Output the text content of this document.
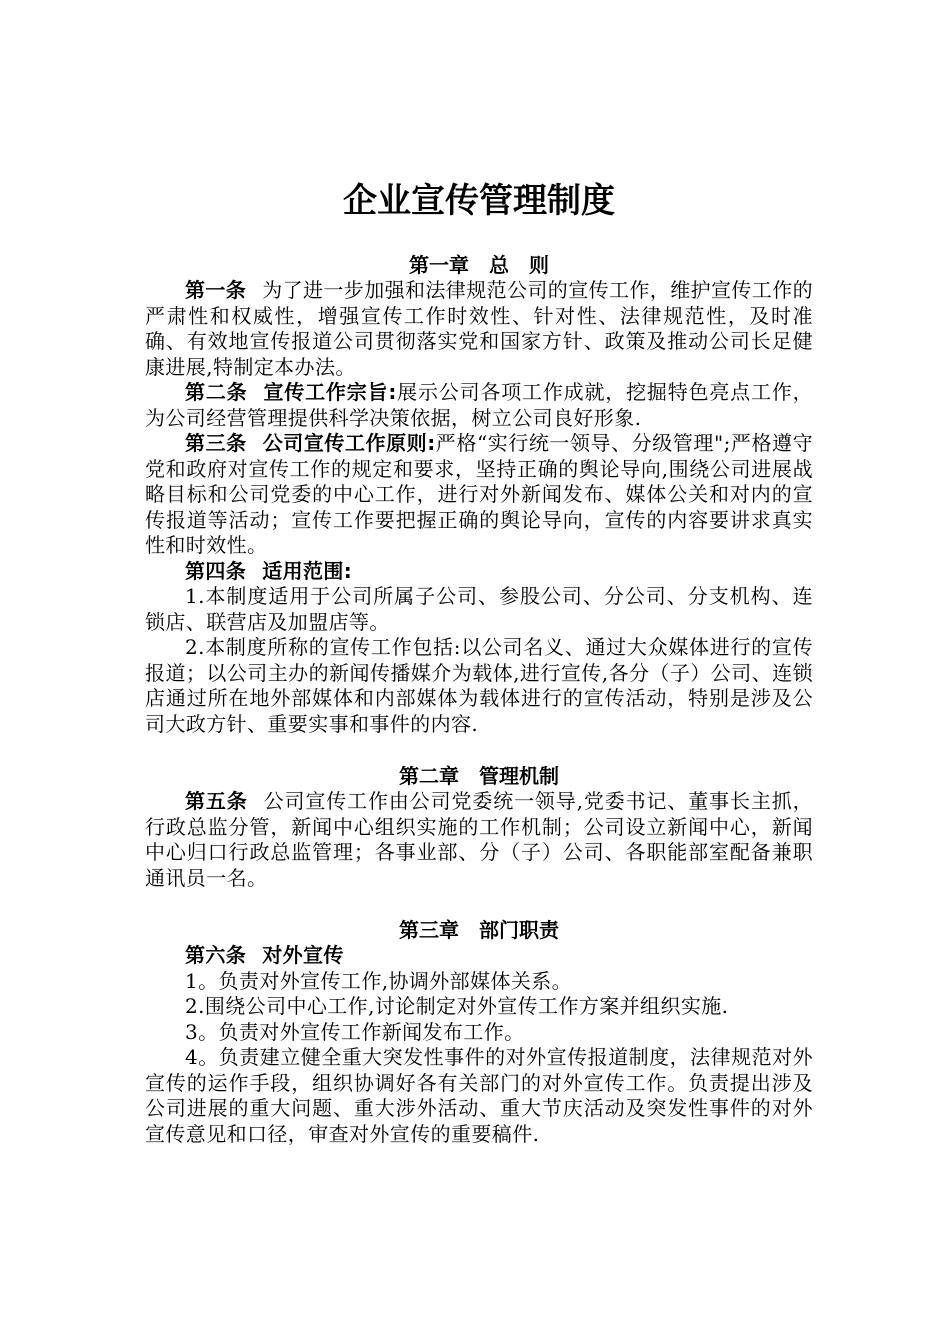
企业宣传管理制度
第一章　总　则

第一条 为了进一步加强和法律规范公司的宣传工作，维护宣传工作的严肃性和权威性，增强宣传工作时效性、针对性、法律规范性，及时准确、有效地宣传报道公司贯彻落实党和国家方针、政策及推动公司长足健康进展,特制定本办法。

第二条 宣传工作宗旨:展示公司各项工作成就，挖掘特色亮点工作，为公司经营管理提供科学决策依据，树立公司良好形象.

第三条 公司宣传工作原则:严格“实行统一领导、分级管理";严格遵守党和政府对宣传工作的规定和要求，坚持正确的舆论导向,围绕公司进展战略目标和公司党委的中心工作，进行对外新闻发布、媒体公关和对内的宣传报道等活动；宣传工作要把握正确的舆论导向，宣传的内容要讲求真实性和时效性。

第四条 适用范围:

1.本制度适用于公司所属子公司、参股公司、分公司、分支机构、连锁店、联营店及加盟店等。

2.本制度所称的宣传工作包括:以公司名义、通过大众媒体进行的宣传报道；以公司主办的新闻传播媒介为载体,进行宣传,各分（子）公司、连锁店通过所在地外部媒体和内部媒体为载体进行的宣传活动，特别是涉及公司大政方针、重要实事和事件的内容.

第二章　管理机制

第五条 公司宣传工作由公司党委统一领导,党委书记、董事长主抓，行政总监分管，新闻中心组织实施的工作机制；公司设立新闻中心，新闻中心归口行政总监管理；各事业部、分（子）公司、各职能部室配备兼职通讯员一名。

第三章　部门职责

第六条 对外宣传

1。负责对外宣传工作,协调外部媒体关系。

2.围绕公司中心工作,讨论制定对外宣传工作方案并组织实施.

3。负责对外宣传工作新闻发布工作。

4。负责建立健全重大突发性事件的对外宣传报道制度，法律规范对外宣传的运作手段，组织协调好各有关部门的对外宣传工作。负责提出涉及公司进展的重大问题、重大涉外活动、重大节庆活动及突发性事件的对外宣传意见和口径，审查对外宣传的重要稿件.
